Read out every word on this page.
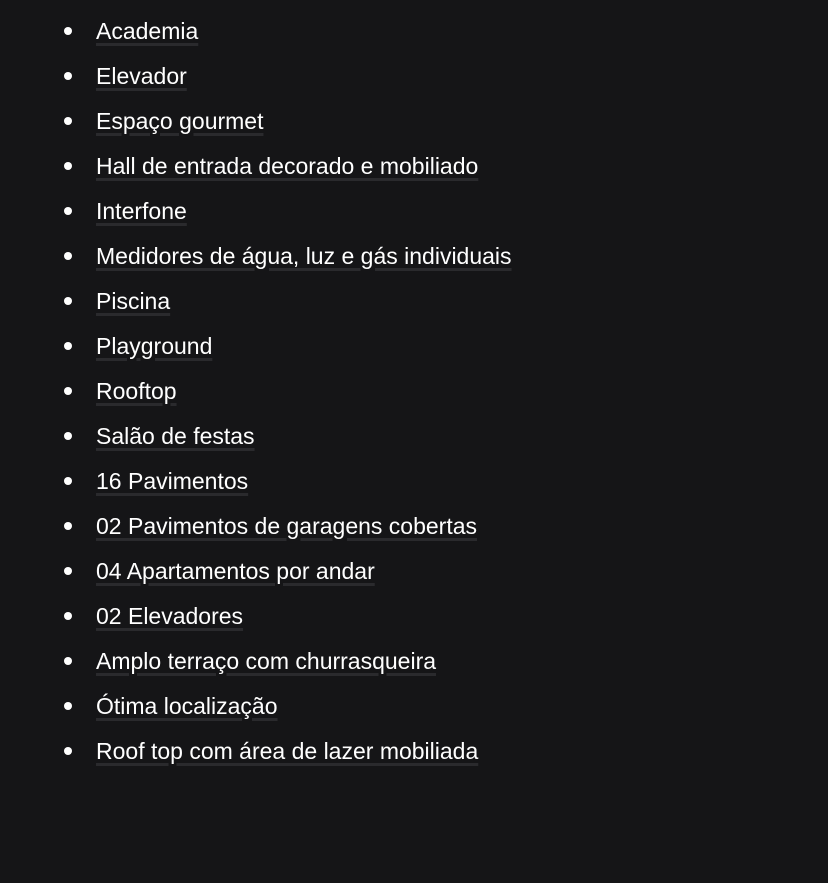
Academia
Elevador
Espaço gourmet
Hall de entrada decorado e mobiliado
Interfone
Medidores de água, luz e gás individuais
Piscina
Playground
Rooftop
Salão de festas
16 Pavimentos
02 Pavimentos de garagens cobertas
04 Apartamentos por andar
02 Elevadores
Amplo terraço com churrasqueira
Ótima localização
Roof top com área de lazer mobiliada
